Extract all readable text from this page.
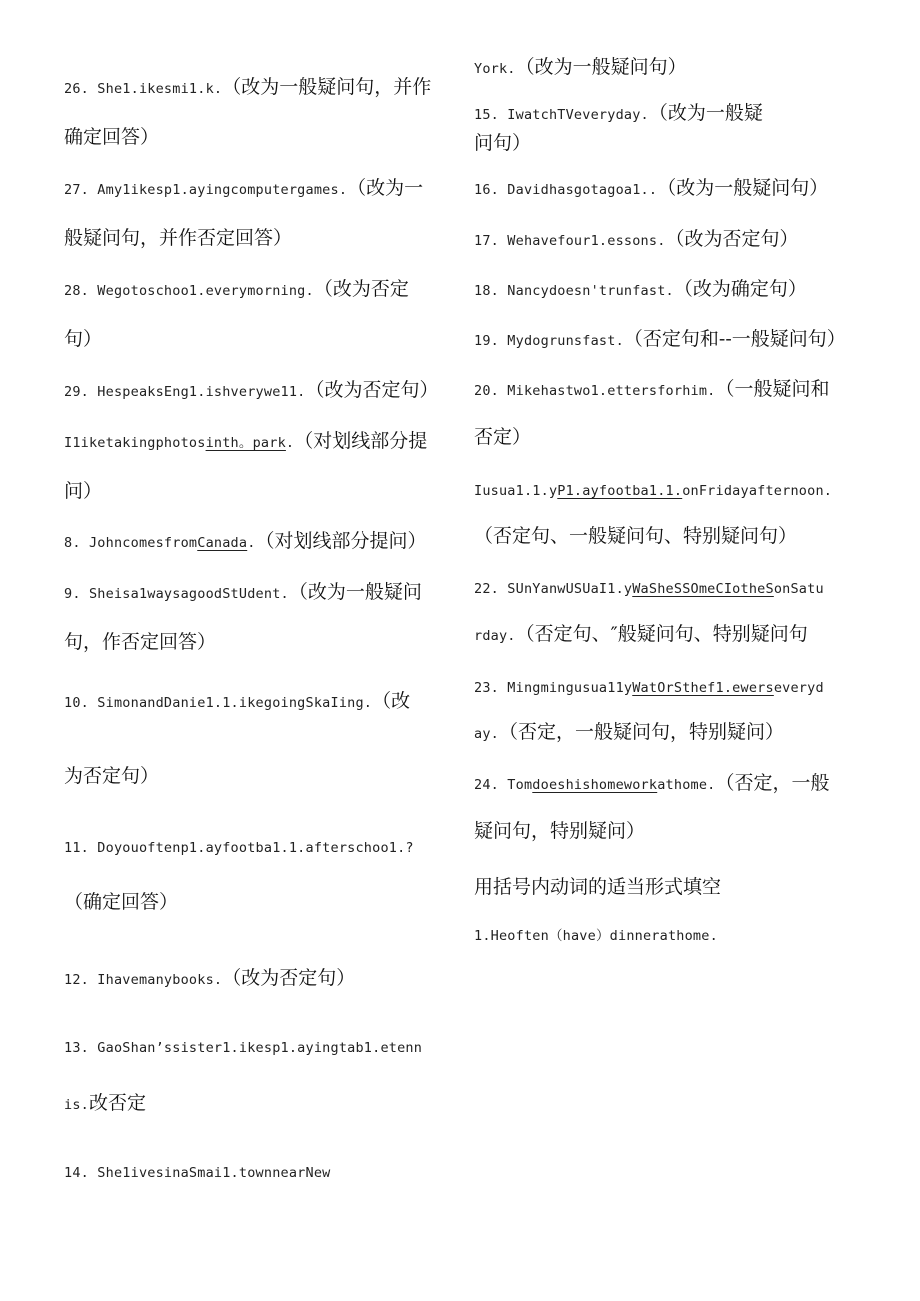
26. She1.ikesmi1.k.（改为一般疑问句，并作
确定回答）
27. Amy1ikesp1.ayingcomputergames.（改为一
般疑问句，并作否定回答）
28. Wegotoschoo1.everymorning.（改为否定
句）
29. HespeaksEng1.ishverywe11.（改为否定句）
I1iketakingphotosinth。park.（对划线部分提
问）
8. JohncomesfromCanada.（对划线部分提问）
9. Sheisa1waysagoodStUdent.（改为一般疑问
句，作否定回答）
10. SimonandDanie1.1.ikegoingSkaIing.（改
为否定句）
11. Doyouoftenp1.ayfootba1.1.afterschoo1.?
（确定回答）
12. Ihavemanybooks.（改为否定句）
13. GaoShan’ssister1.ikesp1.ayingtab1.etenn
is.改否定
14. She1ivesinaSmai1.townnearNew
York.（改为一般疑问句）
15. IwatchTVeveryday.（改为一般疑
问句）
16. Davidhasgotagoa1..（改为一般疑问句）
17. Wehavefour1.essons.（改为否定句）
18. Nancydoesn'trunfast.（改为确定句）
19. Mydogrunsfast.（否定句和--一般疑问句）
20. Mikehastwo1.ettersforhim.（一般疑问和
否定）
Iusua1.1.yP1.ayfootba1.1.onFridayafternoon.
（否定句、一般疑问句、特别疑问句）
22. SUnYanwUSUaI1.yWaSheSSOmeCIotheSonSatu
rday.（否定句、″般疑问句、特别疑问句
23. Mingmingusua11yWatOrSthef1.ewerseveryd
ay.（否定，一般疑问句，特别疑问）
24. Tomdoeshishomeworkathome.（否定，一般
疑问句，特别疑问）
用括号内动词的适当形式填空
1.Heoften（have）dinnerathome.
